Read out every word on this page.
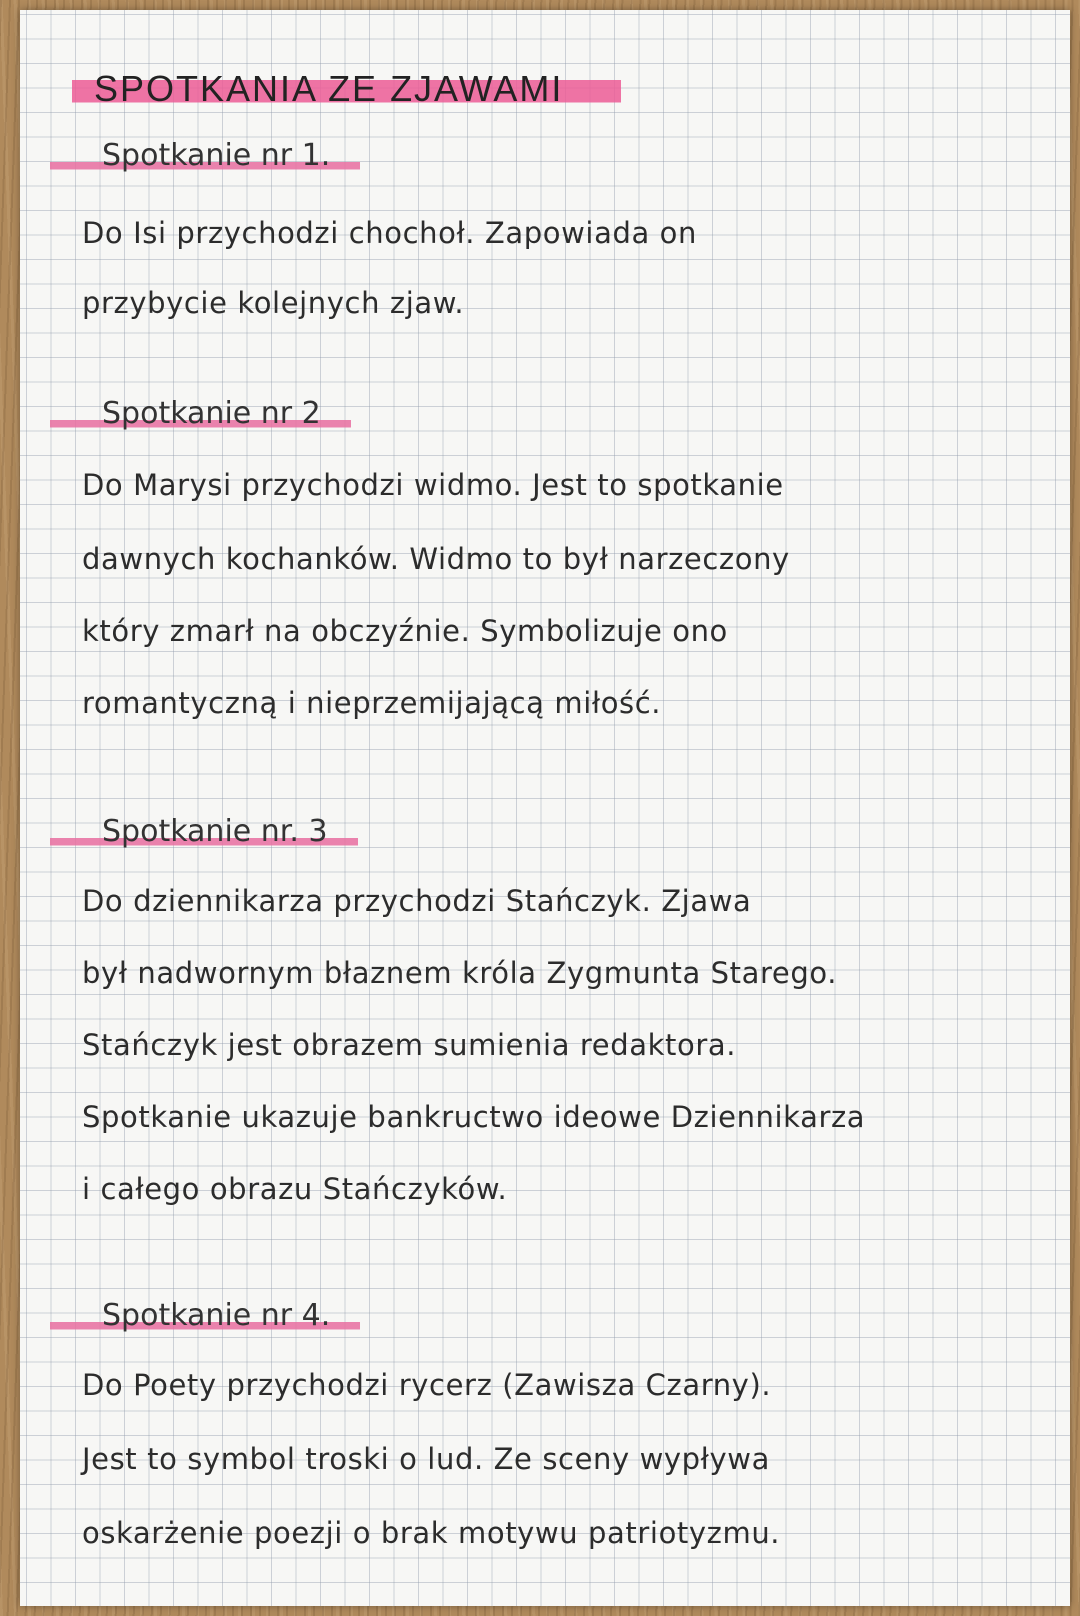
SPOTKANIA ZE ZJAWAMI
Spotkanie nr 1.

Do Isi przychodzi chochoł. Zapowiada on

przybycie kolejnych zjaw.

Spotkanie nr 2

Do Marysi przychodzi widmo. Jest to spotkanie

dawnych kochanków. Widmo to był narzeczony

który zmarł na obczyźnie. Symbolizuje ono

romantyczną i nieprzemijającą miłość.

Spotkanie nr. 3

Do dziennikarza przychodzi Stańczyk. Zjawa

był nadwornym błaznem króla Zygmunta Starego.

Stańczyk jest obrazem sumienia redaktora.

Spotkanie ukazuje bankructwo ideowe Dziennikarza

i całego obrazu Stańczyków.

Spotkanie nr 4.

Do Poety przychodzi rycerz (Zawisza Czarny).

Jest to symbol troski o lud. Ze sceny wypływa

oskarżenie poezji o brak motywu patriotyzmu.
